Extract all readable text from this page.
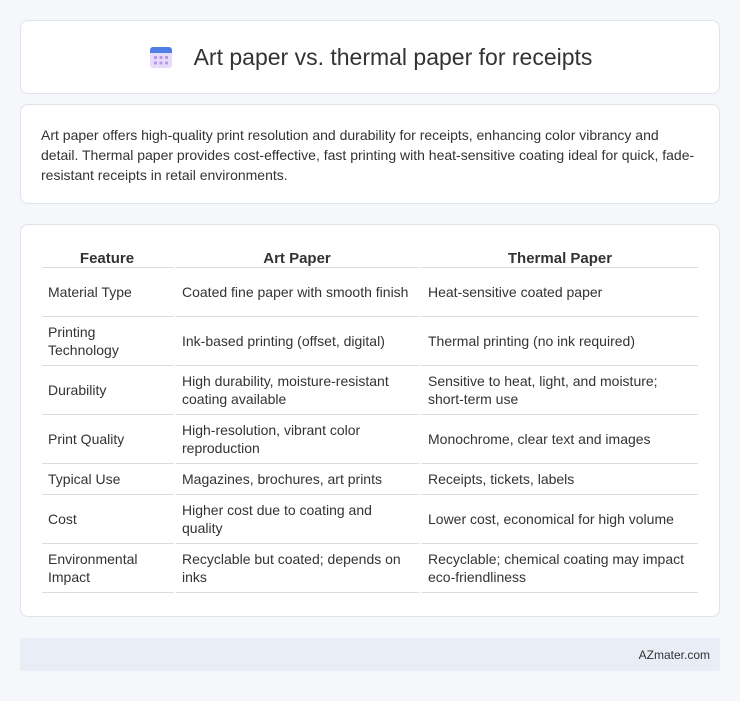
Art paper vs. thermal paper for receipts

Art paper offers high-quality print resolution and durability for receipts, enhancing color vibrancy and detail. Thermal paper provides cost-effective, fast printing with heat-sensitive coating ideal for quick, fade-resistant receipts in retail environments.

Feature	Art Paper	Thermal Paper
Material Type	Coated fine paper with smooth finish	Heat-sensitive coated paper
Printing Technology	Ink-based printing (offset, digital)	Thermal printing (no ink required)
Durability	High durability, moisture-resistant coating available	Sensitive to heat, light, and moisture; short-term use
Print Quality	High-resolution, vibrant color reproduction	Monochrome, clear text and images
Typical Use	Magazines, brochures, art prints	Receipts, tickets, labels
Cost	Higher cost due to coating and quality	Lower cost, economical for high volume
Environmental Impact	Recyclable but coated; depends on inks	Recyclable; chemical coating may impact eco-friendliness
AZmater.com
